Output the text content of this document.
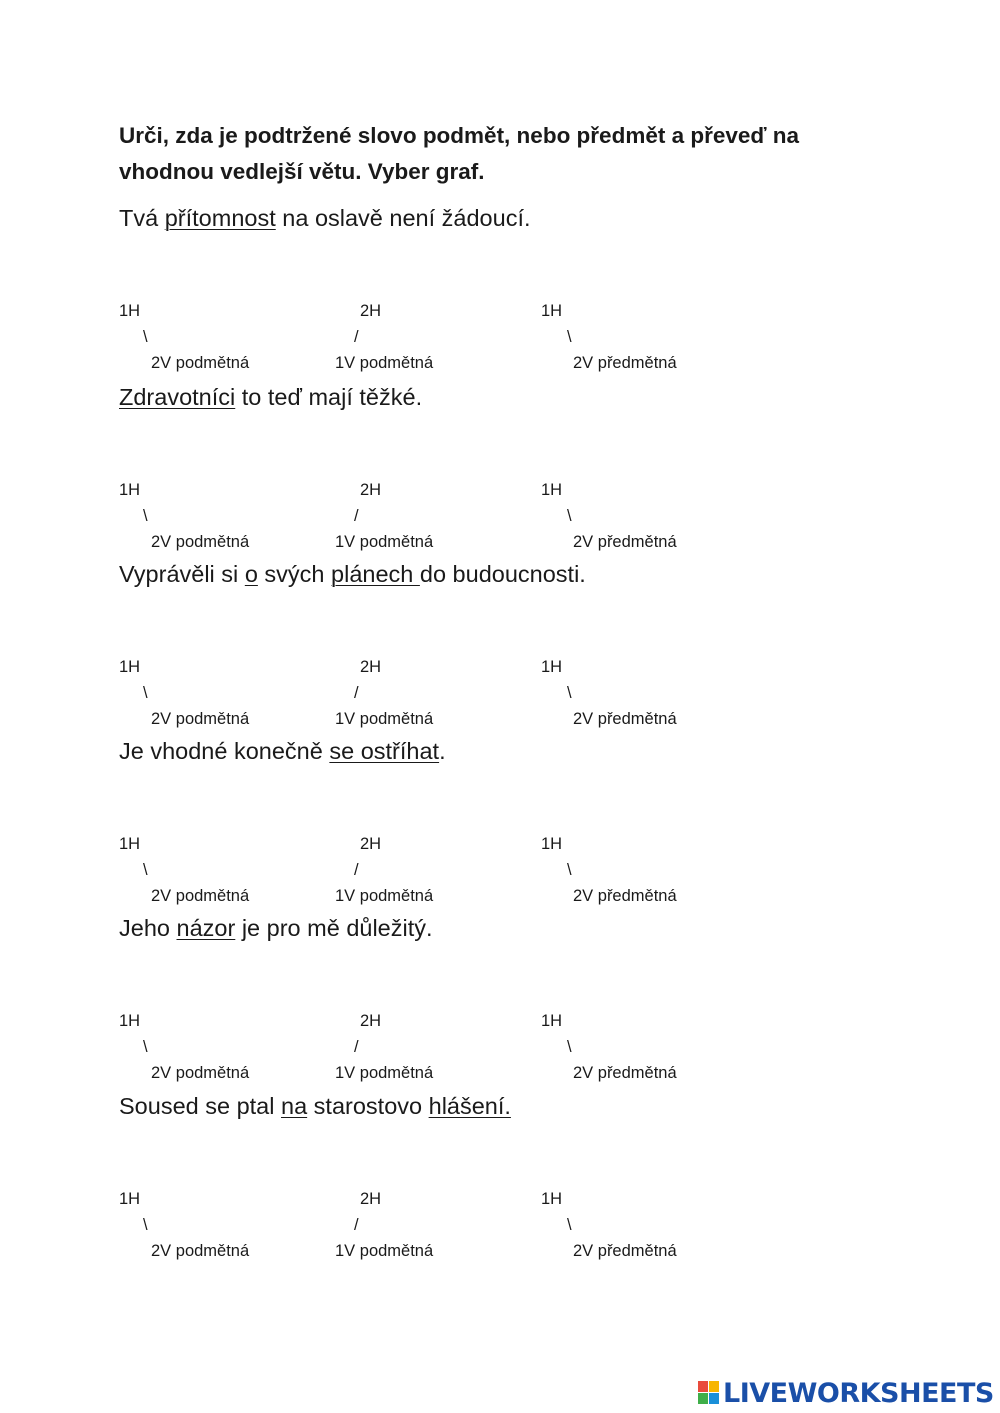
Urči, zda je podtržené slovo podmět, nebo předmět a převeď na vhodnou vedlejší větu. Vyber graf.
Tvá přítomnost na oslavě není žádoucí.
1H
\
2V podmětná
2H
/
1V podmětná
1H
\
2V předmětná
Zdravotníci to teď mají těžké.
1H
\
2V podmětná
2H
/
1V podmětná
1H
\
2V předmětná
Vyprávěli si o svých plánech do budoucnosti.
1H
\
2V podmětná
2H
/
1V podmětná
1H
\
2V předmětná
Je vhodné konečně se ostříhat.
1H
\
2V podmětná
2H
/
1V podmětná
1H
\
2V předmětná
Jeho názor je pro mě důležitý.
1H
\
2V podmětná
2H
/
1V podmětná
1H
\
2V předmětná
Soused se ptal na starostovo hlášení.
1H
\
2V podmětná
2H
/
1V podmětná
1H
\
2V předmětná
LIVEWORKSHEETS
